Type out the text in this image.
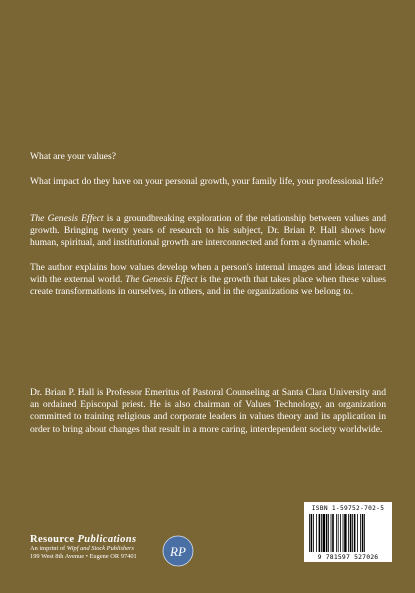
What are your values?

What impact do they have on your personal growth, your family life, your professional life?

The Genesis Effect is a groundbreaking exploration of the relationship between values and growth. Bringing twenty years of research to his subject, Dr. Brian P. Hall shows how human, spiritual, and institutional growth are interconnected and form a dynamic whole.

The author explains how values develop when a person's internal images and ideas interact with the external world. The Genesis Effect is the growth that takes place when these values create transformations in ourselves, in others, and in the organizations we belong to.

Dr. Brian P. Hall is Professor Emeritus of Pastoral Counseling at Santa Clara University and an ordained Episcopal priest. He is also chairman of Values Technology, an organization committed to training religious and corporate leaders in values theory and its application in order to bring about changes that result in a more caring, interdependent society worldwide.

ISBN 1-59752-702-5
9 781597 527026
Resource Publications
An imprint of Wipf and Stock Publishers
199 West 8th Avenue • Eugene OR 97401	RP
